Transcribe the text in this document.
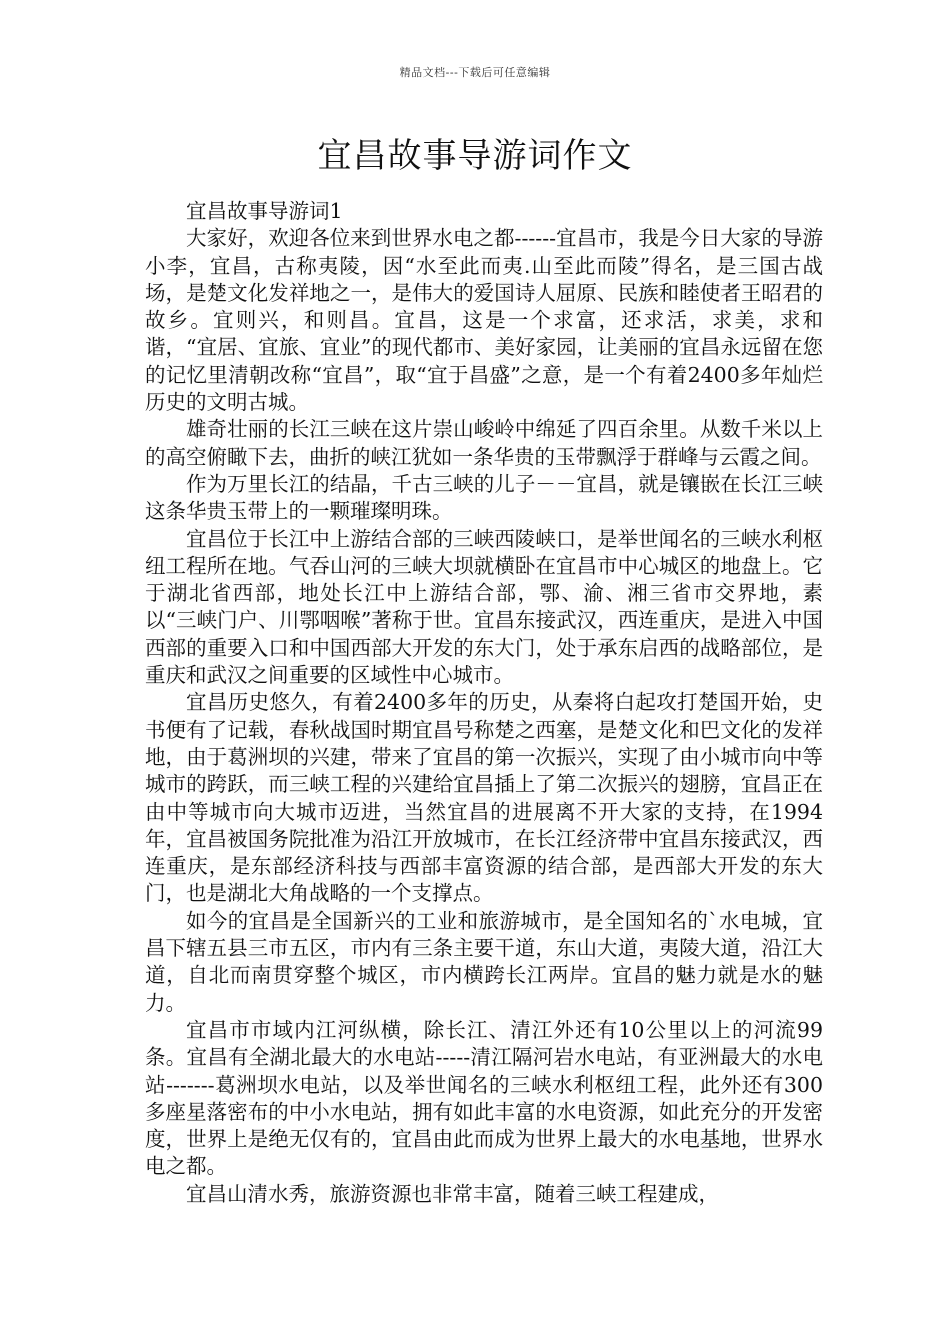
精品文档---下载后可任意编辑
宜昌故事导游词作文

宜昌故事导游词1

大家好，欢迎各位来到世界水电之都------宜昌市，我是今日大家的导游小李，宜昌，古称夷陵，因“水至此而夷.山至此而陵”得名，是三国古战场，是楚文化发祥地之一，是伟大的爱国诗人屈原、民族和睦使者王昭君的故乡。宜则兴，和则昌。宜昌，这是一个求富，还求活，求美，求和谐，“宜居、宜旅、宜业”的现代都市、美好家园，让美丽的宜昌永远留在您的记忆里清朝改称“宜昌”，取“宜于昌盛”之意，是一个有着2400多年灿烂历史的文明古城。

雄奇壮丽的长江三峡在这片崇山峻岭中绵延了四百余里。从数千米以上的高空俯瞰下去，曲折的峡江犹如一条华贵的玉带飘浮于群峰与云霞之间。

作为万里长江的结晶，千古三峡的儿子－－宜昌，就是镶嵌在长江三峡这条华贵玉带上的一颗璀璨明珠。

宜昌位于长江中上游结合部的三峡西陵峡口，是举世闻名的三峡水利枢纽工程所在地。气吞山河的三峡大坝就横卧在宜昌市中心城区的地盘上。它于湖北省西部，地处长江中上游结合部，鄂、渝、湘三省市交界地，素以“三峡门户、川鄂咽喉”著称于世。宜昌东接武汉，西连重庆，是进入中国西部的重要入口和中国西部大开发的东大门，处于承东启西的战略部位，是重庆和武汉之间重要的区域性中心城市。

宜昌历史悠久，有着2400多年的历史，从秦将白起攻打楚国开始，史书便有了记载，春秋战国时期宜昌号称楚之西塞，是楚文化和巴文化的发祥地，由于葛洲坝的兴建，带来了宜昌的第一次振兴，实现了由小城市向中等城市的跨跃，而三峡工程的兴建给宜昌插上了第二次振兴的翅膀，宜昌正在由中等城市向大城市迈进，当然宜昌的进展离不开大家的支持，在1994年，宜昌被国务院批准为沿江开放城市，在长江经济带中宜昌东接武汉，西连重庆，是东部经济科技与西部丰富资源的结合部，是西部大开发的东大门，也是湖北大角战略的一个支撑点。

如今的宜昌是全国新兴的工业和旅游城市，是全国知名的`水电城，宜昌下辖五县三市五区，市内有三条主要干道，东山大道，夷陵大道，沿江大道，自北而南贯穿整个城区，市内横跨长江两岸。宜昌的魅力就是水的魅力。

宜昌市市域内江河纵横，除长江、清江外还有10公里以上的河流99条。宜昌有全湖北最大的水电站-----清江隔河岩水电站，有亚洲最大的水电站-------葛洲坝水电站，以及举世闻名的三峡水利枢纽工程，此外还有300多座星落密布的中小水电站，拥有如此丰富的水电资源，如此充分的开发密度，世界上是绝无仅有的，宜昌由此而成为世界上最大的水电基地，世界水电之都。

宜昌山清水秀，旅游资源也非常丰富，随着三峡工程建成，
